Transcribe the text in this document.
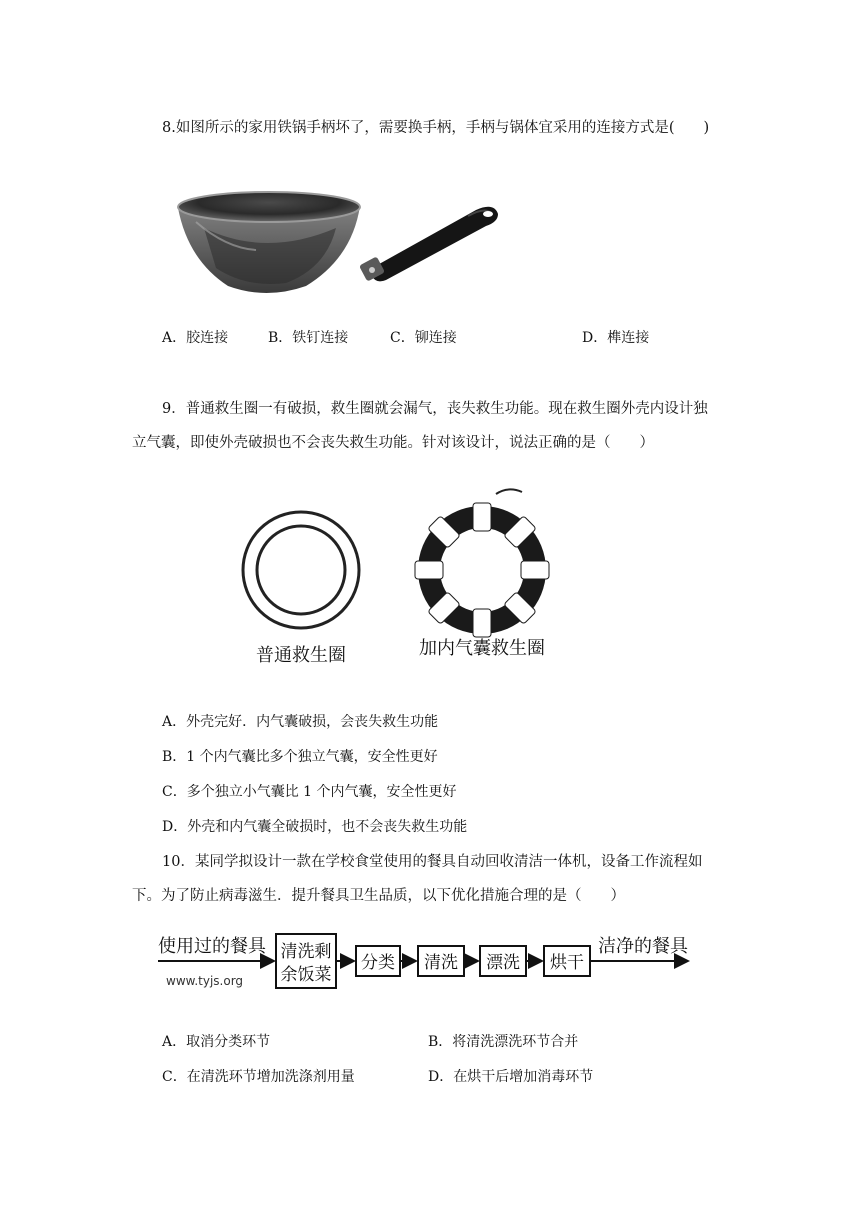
8.如图所示的家用铁锅手柄坏了，需要换手柄，手柄与锅体宜采用的连接方式是(　　)
A．胶连接	B．铁钉连接	C．铆连接	D．榫连接
9．普通救生圈一有破损，救生圈就会漏气，丧失救生功能。现在救生圈外壳内设计独
立气囊，即使外壳破损也不会丧失救生功能。针对该设计，说法正确的是（　　）
普通救生圈	加内气囊救生圈
A．外壳完好．内气囊破损，会丧失救生功能
B．1 个内气囊比多个独立气囊，安全性更好
C．多个独立小气囊比 1 个内气囊，安全性更好
D．外壳和内气囊全破损时，也不会丧失救生功能
10．某同学拟设计一款在学校食堂使用的餐具自动回收清洁一体机，设备工作流程如
下。为了防止病毒滋生．提升餐具卫生品质，以下优化措施合理的是（　　）
使用过的餐具
www.tyjs.org
清洗剩
余饭菜
分类 清洗 漂洗 烘干
洁净的餐具
A．取消分类环节	B．将清洗漂洗环节合并
C．在清洗环节增加洗涤剂用量	D．在烘干后增加消毒环节
